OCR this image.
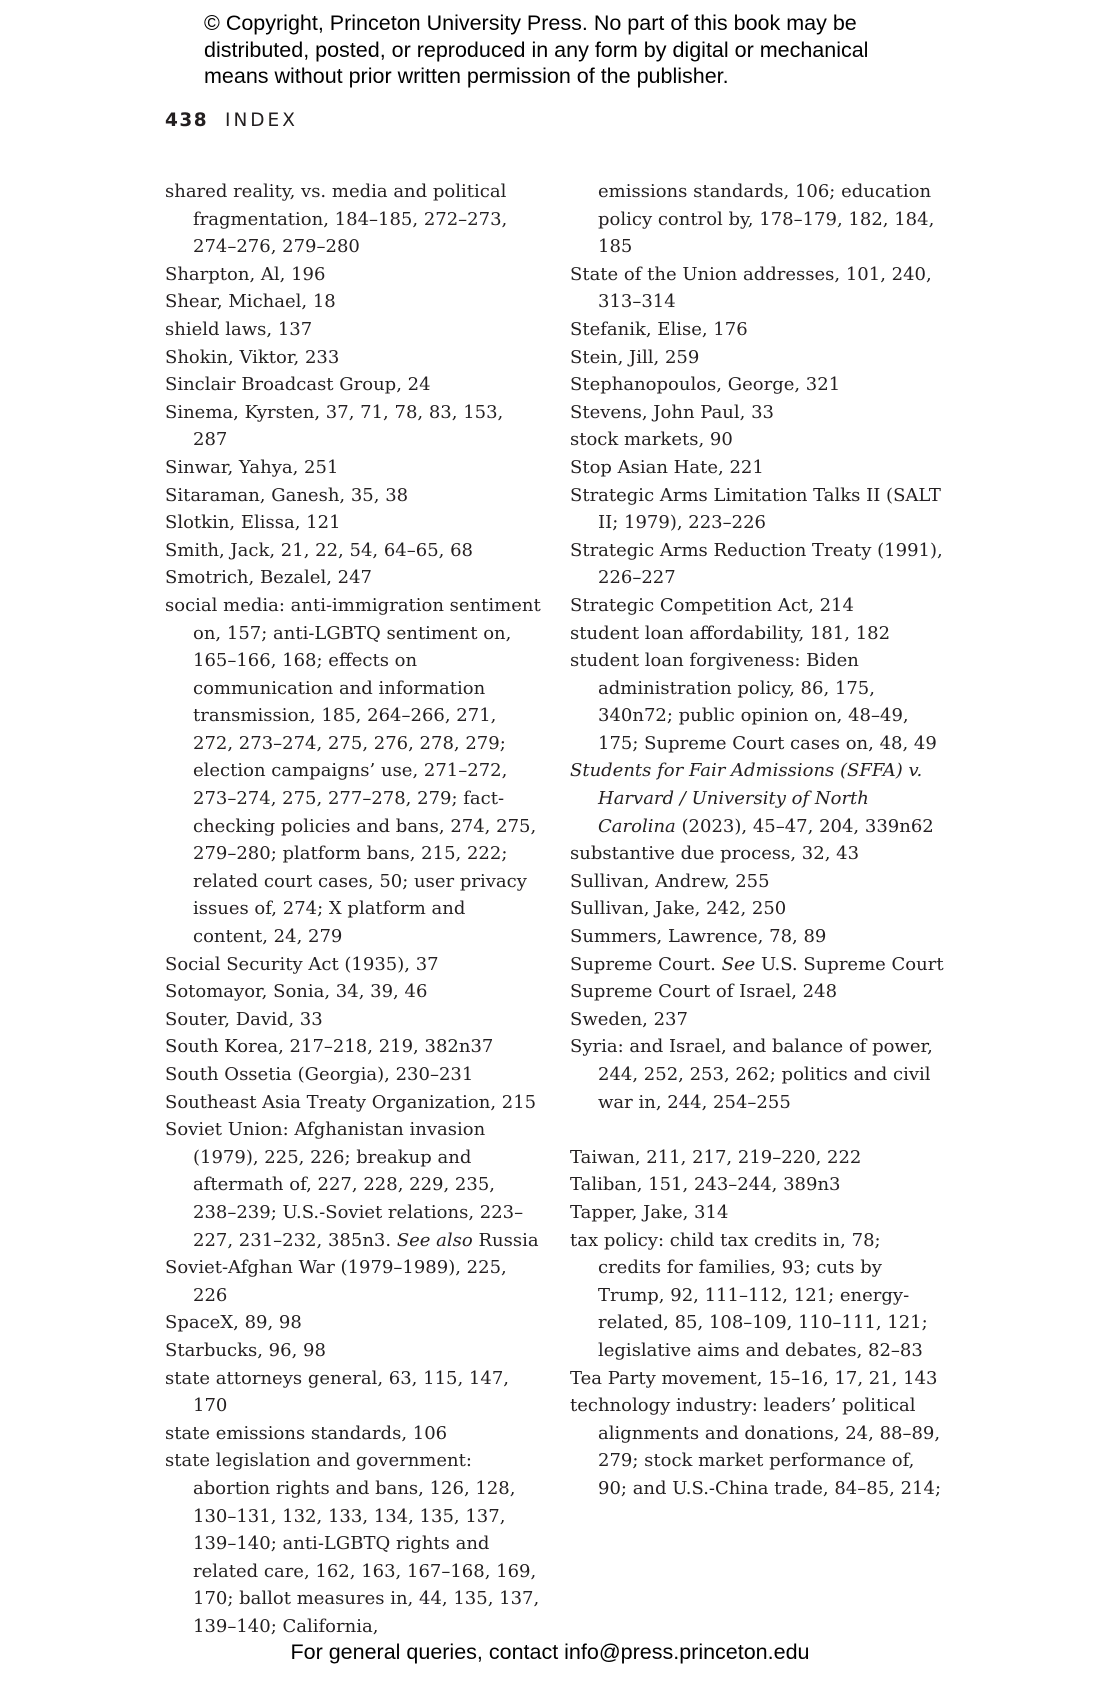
© Copyright, Princeton University Press. No part of this book may be distributed, posted, or reproduced in any form by digital or mechanical means without prior written permission of the publisher.
438 INDEX

shared reality, vs. media and political fragmentation, 184–185, 272–273, 274–276, 279–280

Sharpton, Al, 196

Shear, Michael, 18

shield laws, 137

Shokin, Viktor, 233

Sinclair Broadcast Group, 24

Sinema, Kyrsten, 37, 71, 78, 83, 153, 287

Sinwar, Yahya, 251

Sitaraman, Ganesh, 35, 38

Slotkin, Elissa, 121

Smith, Jack, 21, 22, 54, 64–65, 68

Smotrich, Bezalel, 247

social media: anti-immigration sentiment on, 157; anti-LGBTQ sentiment on, 165–166, 168; effects on communication and information transmission, 185, 264–266, 271, 272, 273–274, 275, 276, 278, 279; election campaigns’ use, 271–272, 273–274, 275, 277–278, 279; fact-checking policies and bans, 274, 275, 279–280; platform bans, 215, 222; related court cases, 50; user privacy issues of, 274; X platform and content, 24, 279

Social Security Act (1935), 37

Sotomayor, Sonia, 34, 39, 46

Souter, David, 33

South Korea, 217–218, 219, 382n37

South Ossetia (Georgia), 230–231

Southeast Asia Treaty Organization, 215

Soviet Union: Afghanistan invasion (1979), 225, 226; breakup and aftermath of, 227, 228, 229, 235, 238–239; U.S.-Soviet relations, 223–227, 231–232, 385n3. See also Russia

Soviet-Afghan War (1979–1989), 225, 226

SpaceX, 89, 98

Starbucks, 96, 98

state attorneys general, 63, 115, 147, 170

state emissions standards, 106

state legislation and government: abortion rights and bans, 126, 128, 130–131, 132, 133, 134, 135, 137, 139–140; anti-LGBTQ rights and related care, 162, 163, 167–168, 169, 170; ballot measures in, 44, 135, 137, 139–140; California,

emissions standards, 106; education policy control by, 178–179, 182, 184, 185

State of the Union addresses, 101, 240, 313–314

Stefanik, Elise, 176

Stein, Jill, 259

Stephanopoulos, George, 321

Stevens, John Paul, 33

stock markets, 90

Stop Asian Hate, 221

Strategic Arms Limitation Talks II (SALT II; 1979), 223–226

Strategic Arms Reduction Treaty (1991), 226–227

Strategic Competition Act, 214

student loan affordability, 181, 182

student loan forgiveness: Biden administration policy, 86, 175, 340n72; public opinion on, 48–49, 175; Supreme Court cases on, 48, 49

Students for Fair Admissions (SFFA) v. Harvard / University of North Carolina (2023), 45–47, 204, 339n62

substantive due process, 32, 43

Sullivan, Andrew, 255

Sullivan, Jake, 242, 250

Summers, Lawrence, 78, 89

Supreme Court. See U.S. Supreme Court

Supreme Court of Israel, 248

Sweden, 237

Syria: and Israel, and balance of power, 244, 252, 253, 262; politics and civil war in, 244, 254–255

Taiwan, 211, 217, 219–220, 222

Taliban, 151, 243–244, 389n3

Tapper, Jake, 314

tax policy: child tax credits in, 78; credits for families, 93; cuts by Trump, 92, 111–112, 121; energy-related, 85, 108–109, 110–111, 121; legislative aims and debates, 82–83

Tea Party movement, 15–16, 17, 21, 143

technology industry: leaders’ political alignments and donations, 24, 88–89, 279; stock market performance of, 90; and U.S.-China trade, 84–85, 214;

For general queries, contact info@press.princeton.edu
